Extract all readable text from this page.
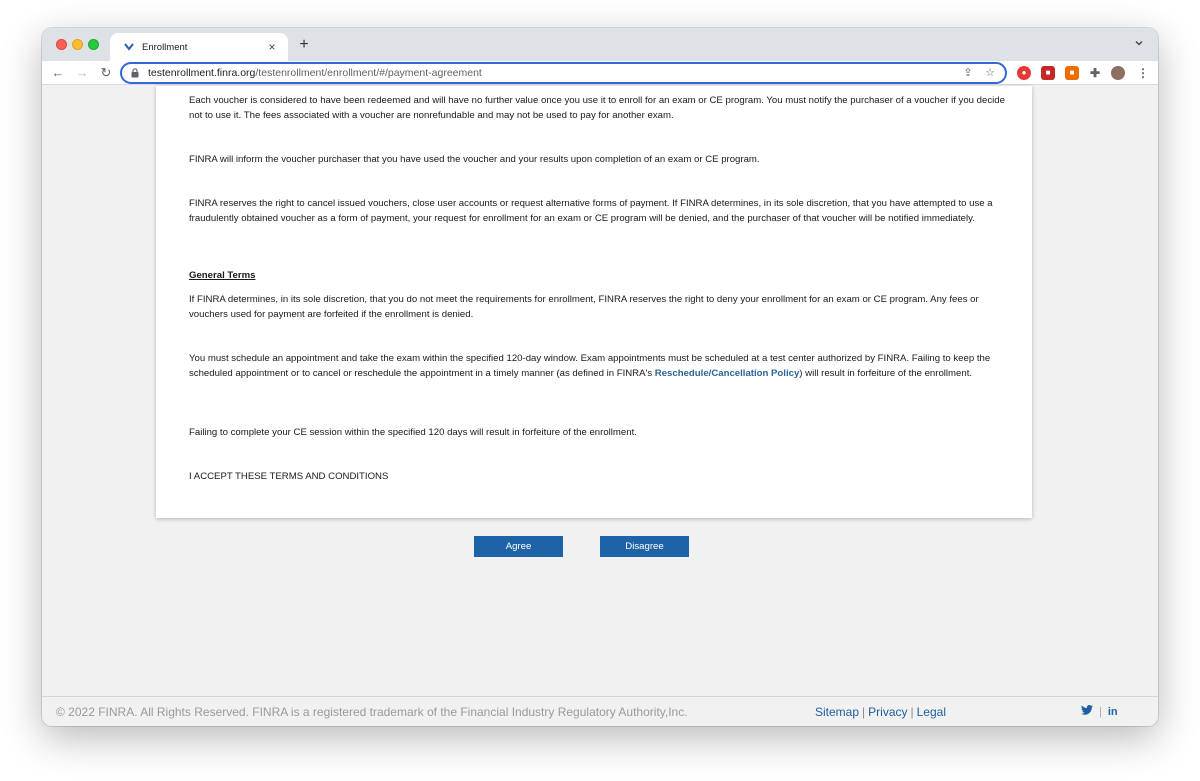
Enrollment	× +
← → ↻	testenrollment.finra.org/testenrollment/enrollment/#/payment-agreement	⇪ ☆	●	■	■	✚	⋮

Each voucher is considered to have been redeemed and will have no further value once you use it to enroll for an exam or CE program. You must notify the purchaser of a voucher if you decide not to use it. The fees associated with a voucher are nonrefundable and may not be used to pay for another exam.

FINRA will inform the voucher purchaser that you have used the voucher and your results upon completion of an exam or CE program.

FINRA reserves the right to cancel issued vouchers, close user accounts or request alternative forms of payment. If FINRA determines, in its sole discretion, that you have attempted to use a fraudulently obtained voucher as a form of payment, your request for enrollment for an exam or CE program will be denied, and the purchaser of that voucher will be notified immediately.

General Terms

If FINRA determines, in its sole discretion, that you do not meet the requirements for enrollment, FINRA reserves the right to deny your enrollment for an exam or CE program. Any fees or vouchers used for payment are forfeited if the enrollment is denied.

You must schedule an appointment and take the exam within the specified 120-day window. Exam appointments must be scheduled at a test center authorized by FINRA. Failing to keep the scheduled appointment or to cancel or reschedule the appointment in a timely manner (as defined in FINRA's Reschedule/Cancellation Policy) will result in forfeiture of the enrollment.

Failing to complete your CE session within the specified 120 days will result in forfeiture of the enrollment.

I ACCEPT THESE TERMS AND CONDITIONS

Agree	Disagree
© 2022 FINRA. All Rights Reserved. FINRA is a registered trademark of the Financial Industry Regulatory Authority,Inc.	Sitemap | Privacy | Legal	| in
